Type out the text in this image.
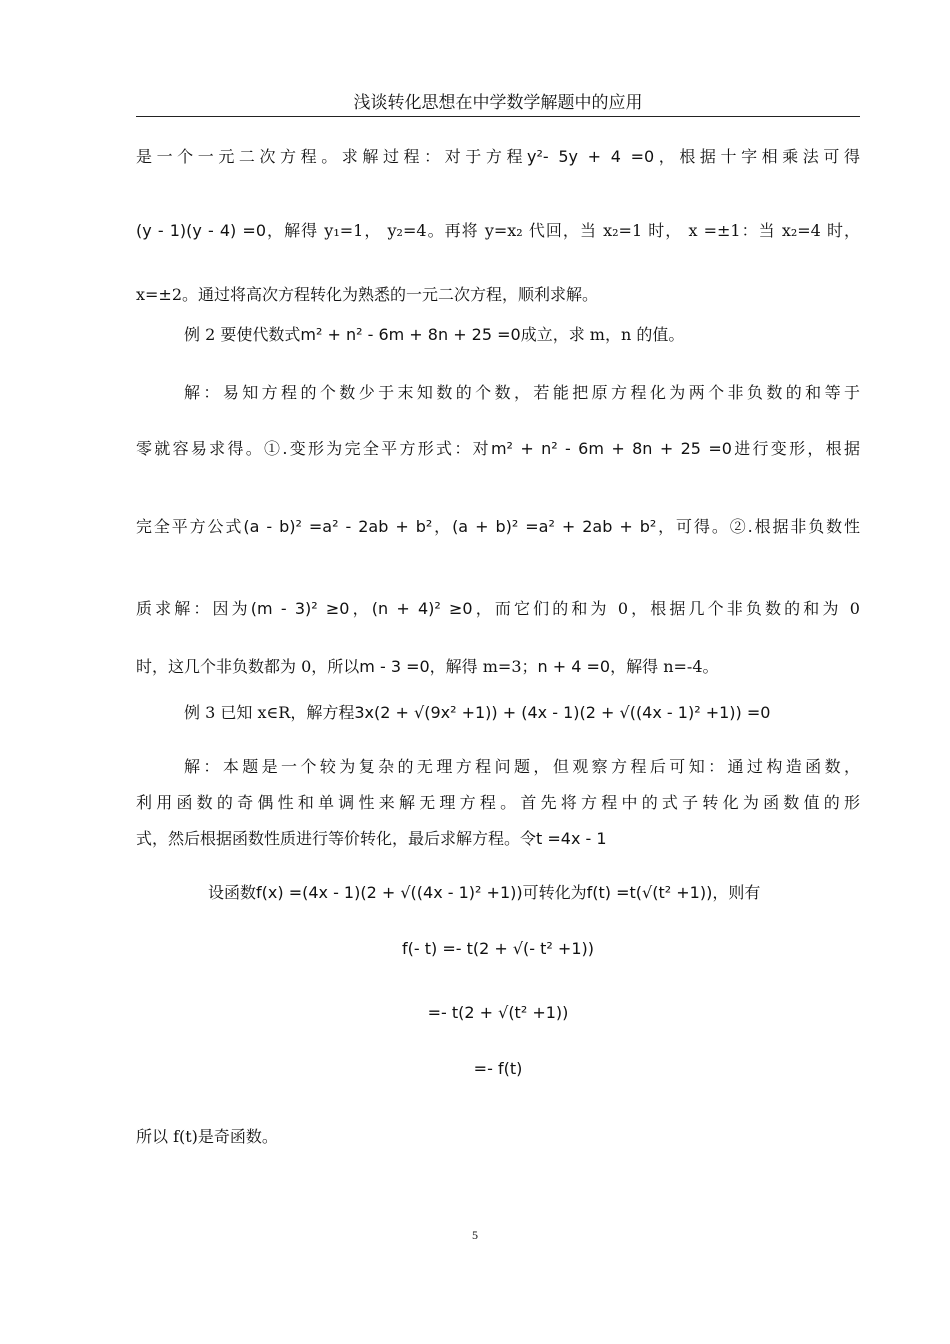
浅谈转化思想在中学数学解题中的应用
是一个一元二次方程。求解过程：对于方程y²- 5y + 4 =0，根据十字相乘法可得
(y - 1)(y - 4) =0，解得 y₁=1， y₂=4。再将 y=x₂ 代回，当 x₂=1 时， x =±1：当 x₂=4 时，
x=±2。通过将高次方程转化为熟悉的一元二次方程，顺利求解。
例 2 要使代数式m² + n² - 6m + 8n + 25 =0成立，求 m，n 的值。
解：易知方程的个数少于末知数的个数，若能把原方程化为两个非负数的和等于
零就容易求得。①.变形为完全平方形式：对m² + n² - 6m + 8n + 25 =0进行变形，根据
完全平方公式(a - b)² =a² - 2ab + b²，(a + b)² =a² + 2ab + b²，可得。②.根据非负数性
质求解：因为(m - 3)² ≥0，(n + 4)² ≥0，而它们的和为 0，根据几个非负数的和为 0
时，这几个非负数都为 0，所以m - 3 =0，解得 m=3；n + 4 =0，解得 n=-4。
例 3 已知 x∈R，解方程3x(2 + √(9x² +1)) + (4x - 1)(2 + √((4x - 1)² +1)) =0
解：本题是一个较为复杂的无理方程问题，但观察方程后可知：通过构造函数，
利用函数的奇偶性和单调性来解无理方程。首先将方程中的式子转化为函数值的形
式，然后根据函数性质进行等价转化，最后求解方程。令t =4x - 1
设函数f(x) =(4x - 1)(2 + √((4x - 1)² +1))可转化为f(t) =t(√(t² +1))，则有
f(- t) =- t(2 + √(- t² +1))
=- t(2 + √(t² +1))
=- f(t)
所以 f(t)是奇函数。
5
